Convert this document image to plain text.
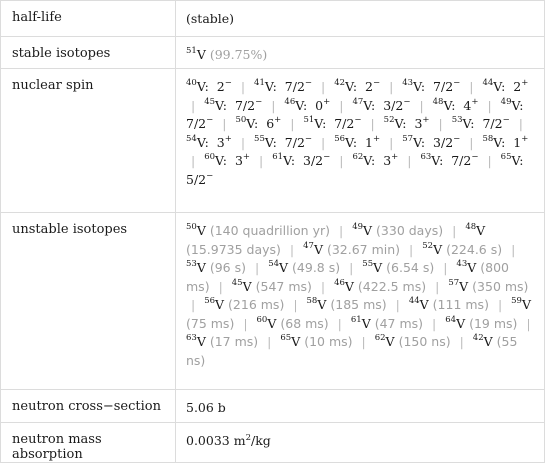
half-life	(stable)
stable isotopes	$^{51}$V (99.75%)
nuclear spin	$^{40}$V: 2− | $^{41}$V: 7/2− | $^{42}$V: 2− | $^{43}$V: 7/2− | $^{44}$V: 2+ | $^{45}$V: 7/2− | $^{46}$V: 0+ | $^{47}$V: 3/2− | $^{48}$V: 4+ | $^{49}$V:  7/2− | $^{50}$V: 6+ | $^{51}$V: 7/2− | $^{52}$V: 3+ | $^{53}$V: 7/2− | $^{54}$V: 3+ | $^{55}$V: 7/2− | $^{56}$V: 1+ | $^{57}$V: 3/2− | $^{58}$V: 1+ | $^{60}$V: 3+ | $^{61}$V: 3/2− | $^{62}$V: 3+ | $^{63}$V: 7/2− | $^{65}$V:  5/2−
unstable isotopes	$^{50}$V (140 quadrillion yr) | $^{49}$V (330 days) | $^{48}$V (15.9735 days) | $^{47}$V (32.67 min) | $^{52}$V (224.6 s) | $^{53}$V (96 s) | $^{54}$V (49.8 s) | $^{55}$V (6.54 s) | $^{43}$V (800 ms) | $^{45}$V (547 ms) | $^{46}$V (422.5 ms) | $^{57}$V (350 ms) | $^{56}$V (216 ms) | $^{58}$V (185 ms) | $^{44}$V (111 ms) | $^{59}$V (75 ms) | $^{60}$V (68 ms) | $^{61}$V (47 ms) | $^{64}$V (19 ms) | $^{63}$V (17 ms) | $^{65}$V (10 ms) | $^{62}$V (150 ns) | $^{42}$V (55 ns)
neutron cross−section	5.06 b
neutron mass absorption	0.0033 $m^2/kg$
